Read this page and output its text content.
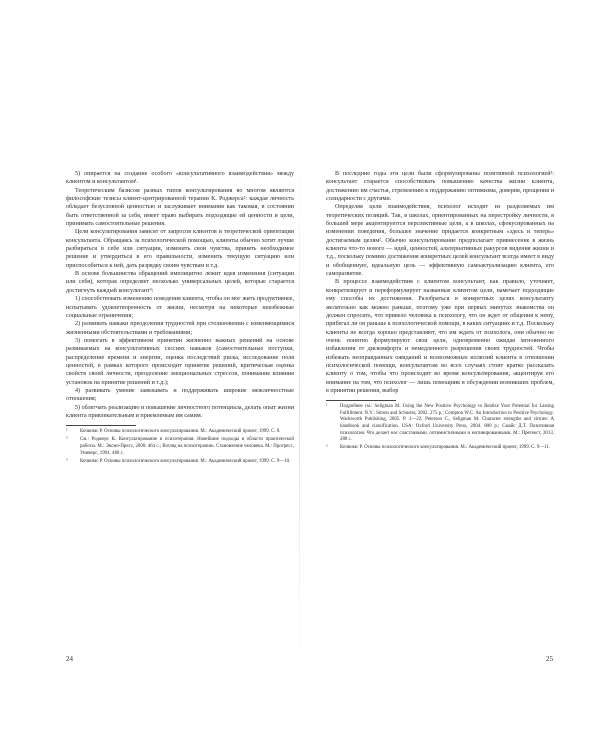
5) опирается на создание особого «консультативного взаимодействия» между клиентом и консультантом¹.

Теоретическим базисом разных типов консультирования во многом являются философские тезисы клиент-центрированной терапии К. Роджерса²: каждая личность обладает безусловной ценностью и заслуживает внимания как таковая, в состоянии быть ответственной за себя, имеет право выбирать подходящие ей ценности и цели, принимать самостоятельные решения.

Цели консультирования зависят от запросов клиентов и теоретической ориентации консультанта. Обращаясь за психологической помощью, клиенты обычно хотят лучше разбираться в себе или ситуации, изменить свои чувства, принять необходимое решение и утвердиться в его правильности, изменить текущую ситуацию или приспособиться к ней, дать разрядку своим чувствам и т.д.

В основе большинства обращений имплицитно лежит идея изменения (ситуации или себя), которая определяет несколько универсальных целей, которые старается достигнуть каждый консультант³:

1) способствовать изменению поведения клиента, чтобы он мог жить продуктивнее, испытывать удовлетворенность от жизни, несмотря на некоторые неизбежные социальные ограничения;

2) развивать навыки преодоления трудностей при столкновении с изменяющимися жизненными обстоятельствами и требованиями;

3) помогать в эффективном принятии жизненно важных решений на основе развиваемых на консультативных сессиях навыков (самостоятельные поступки, распределение времени и энергии, оценка последствий риска, исследование поля ценностей, в рамках которого происходит принятие решений, критическая оценка свойств своей личности, преодоление эмоциональных стрессов, понимание влияния установок на принятие решений и т.д.);

4) развивать умение завязывать и поддерживать широкие межличностные отношения;

5) облегчать реализацию и повышение личностного потенциала, делать опыт жизни клиента привлекательным и приемлемым им самим.

¹	Кочюнас Р. Основы психологического консультирования. М.: Академический проект, 1999. С. 8.
²	См.: Роджерс К. Консультирование и психотерапия. Новейшие подходы в области практической работы. М.: Эксмо-Пресс, 2000. 464 с.; Взгляд на психотерапию. Становление человека. М.: Прогресс, Универс, 1994. 480 с.
³	Кочюнас Р. Основы психологического консультирования. М.: Академический проект, 1999. С. 9—10.

В последние годы эти цели были сформулированы позитивной психологией¹: консультант старается способствовать повышению качества жизни клиента, достижению им счастья, стремлению к поддержанию оптимизма, доверия, прощения и солидарности с другими.

Определяя цели взаимодействия, психолог исходит из разделяемых им теоретических позиций. Так, в школах, ориентированных на перестройку личности, в большей мере акцентируются перспективные цели, а в школах, сфокусированных на изменении поведения, большее значение придается конкретным «здесь и теперь» достигаемым целям². Обычно консультирование предполагает привнесение в жизнь клиента что-то нового — идей, ценностей, альтернативных ракурсов видения жизни и т.д., поскольку помимо достижения конкретных целей консультант всегда имеет в виду и обобщенную, идеальную цель — эффективную самоактуализацию клиента, его саморазвитие.

В процессе взаимодействия с клиентом консультант, как правило, уточняет, конкретизирует и переформулирует названные клиентом цели, намечает подходящие ему способы их достижения. Разобраться в конкретных целях консультанту желательно как можно раньше, поэтому уже при первых минутах знакомства он должен спросить, что привело человека к психологу, что он ждет от общения к нему, прибегал ли он раньше к психологической помощи, в каких ситуациях и т.д. Поскольку клиенты не всегда хорошо представляют, что им ждать от психолога, они обычно не очень понятно формулируют свои цели, одновременно ожидая мгновенного избавления от дискомфорта и немедленного разрешения своих трудностей. Чтобы избежать неоправданных ожиданий и всевозможных иллюзий клиента в отношении психологической помощи, консультантам во всех случаях стоит кратко рассказать клиенту о том, чтобы что происходит во время консультирования, акцентируя его внимание на том, что психолог — лишь помощник в обсуждении возникших проблем, в принятии решения, выбор

¹	Подробнее см.: Seligman M. Using the New Positive Psychology to Realize Your Potential for Lasting Fulfillment. N.Y.: Simon and Schuster, 2002. 275 p.; Compton W.C. An Introduction to Positive Psychology. Wadsworth Publishing, 2005. P. 1—22; Peterson C., Seligman M. Character strengths and virtues: A handbook and classification. USA: Oxford University Press, 2004. 800 p.; Смайс Д.Т. Позитивная психология. Что делает нас счастливыми, оптимистичными и мотивированными. М.: Претекст, 2013. 288 с.
²	Кочюнас Р. Основы психологического консультирования. М.: Академический проект, 1999. С. 9—11.
24	25
